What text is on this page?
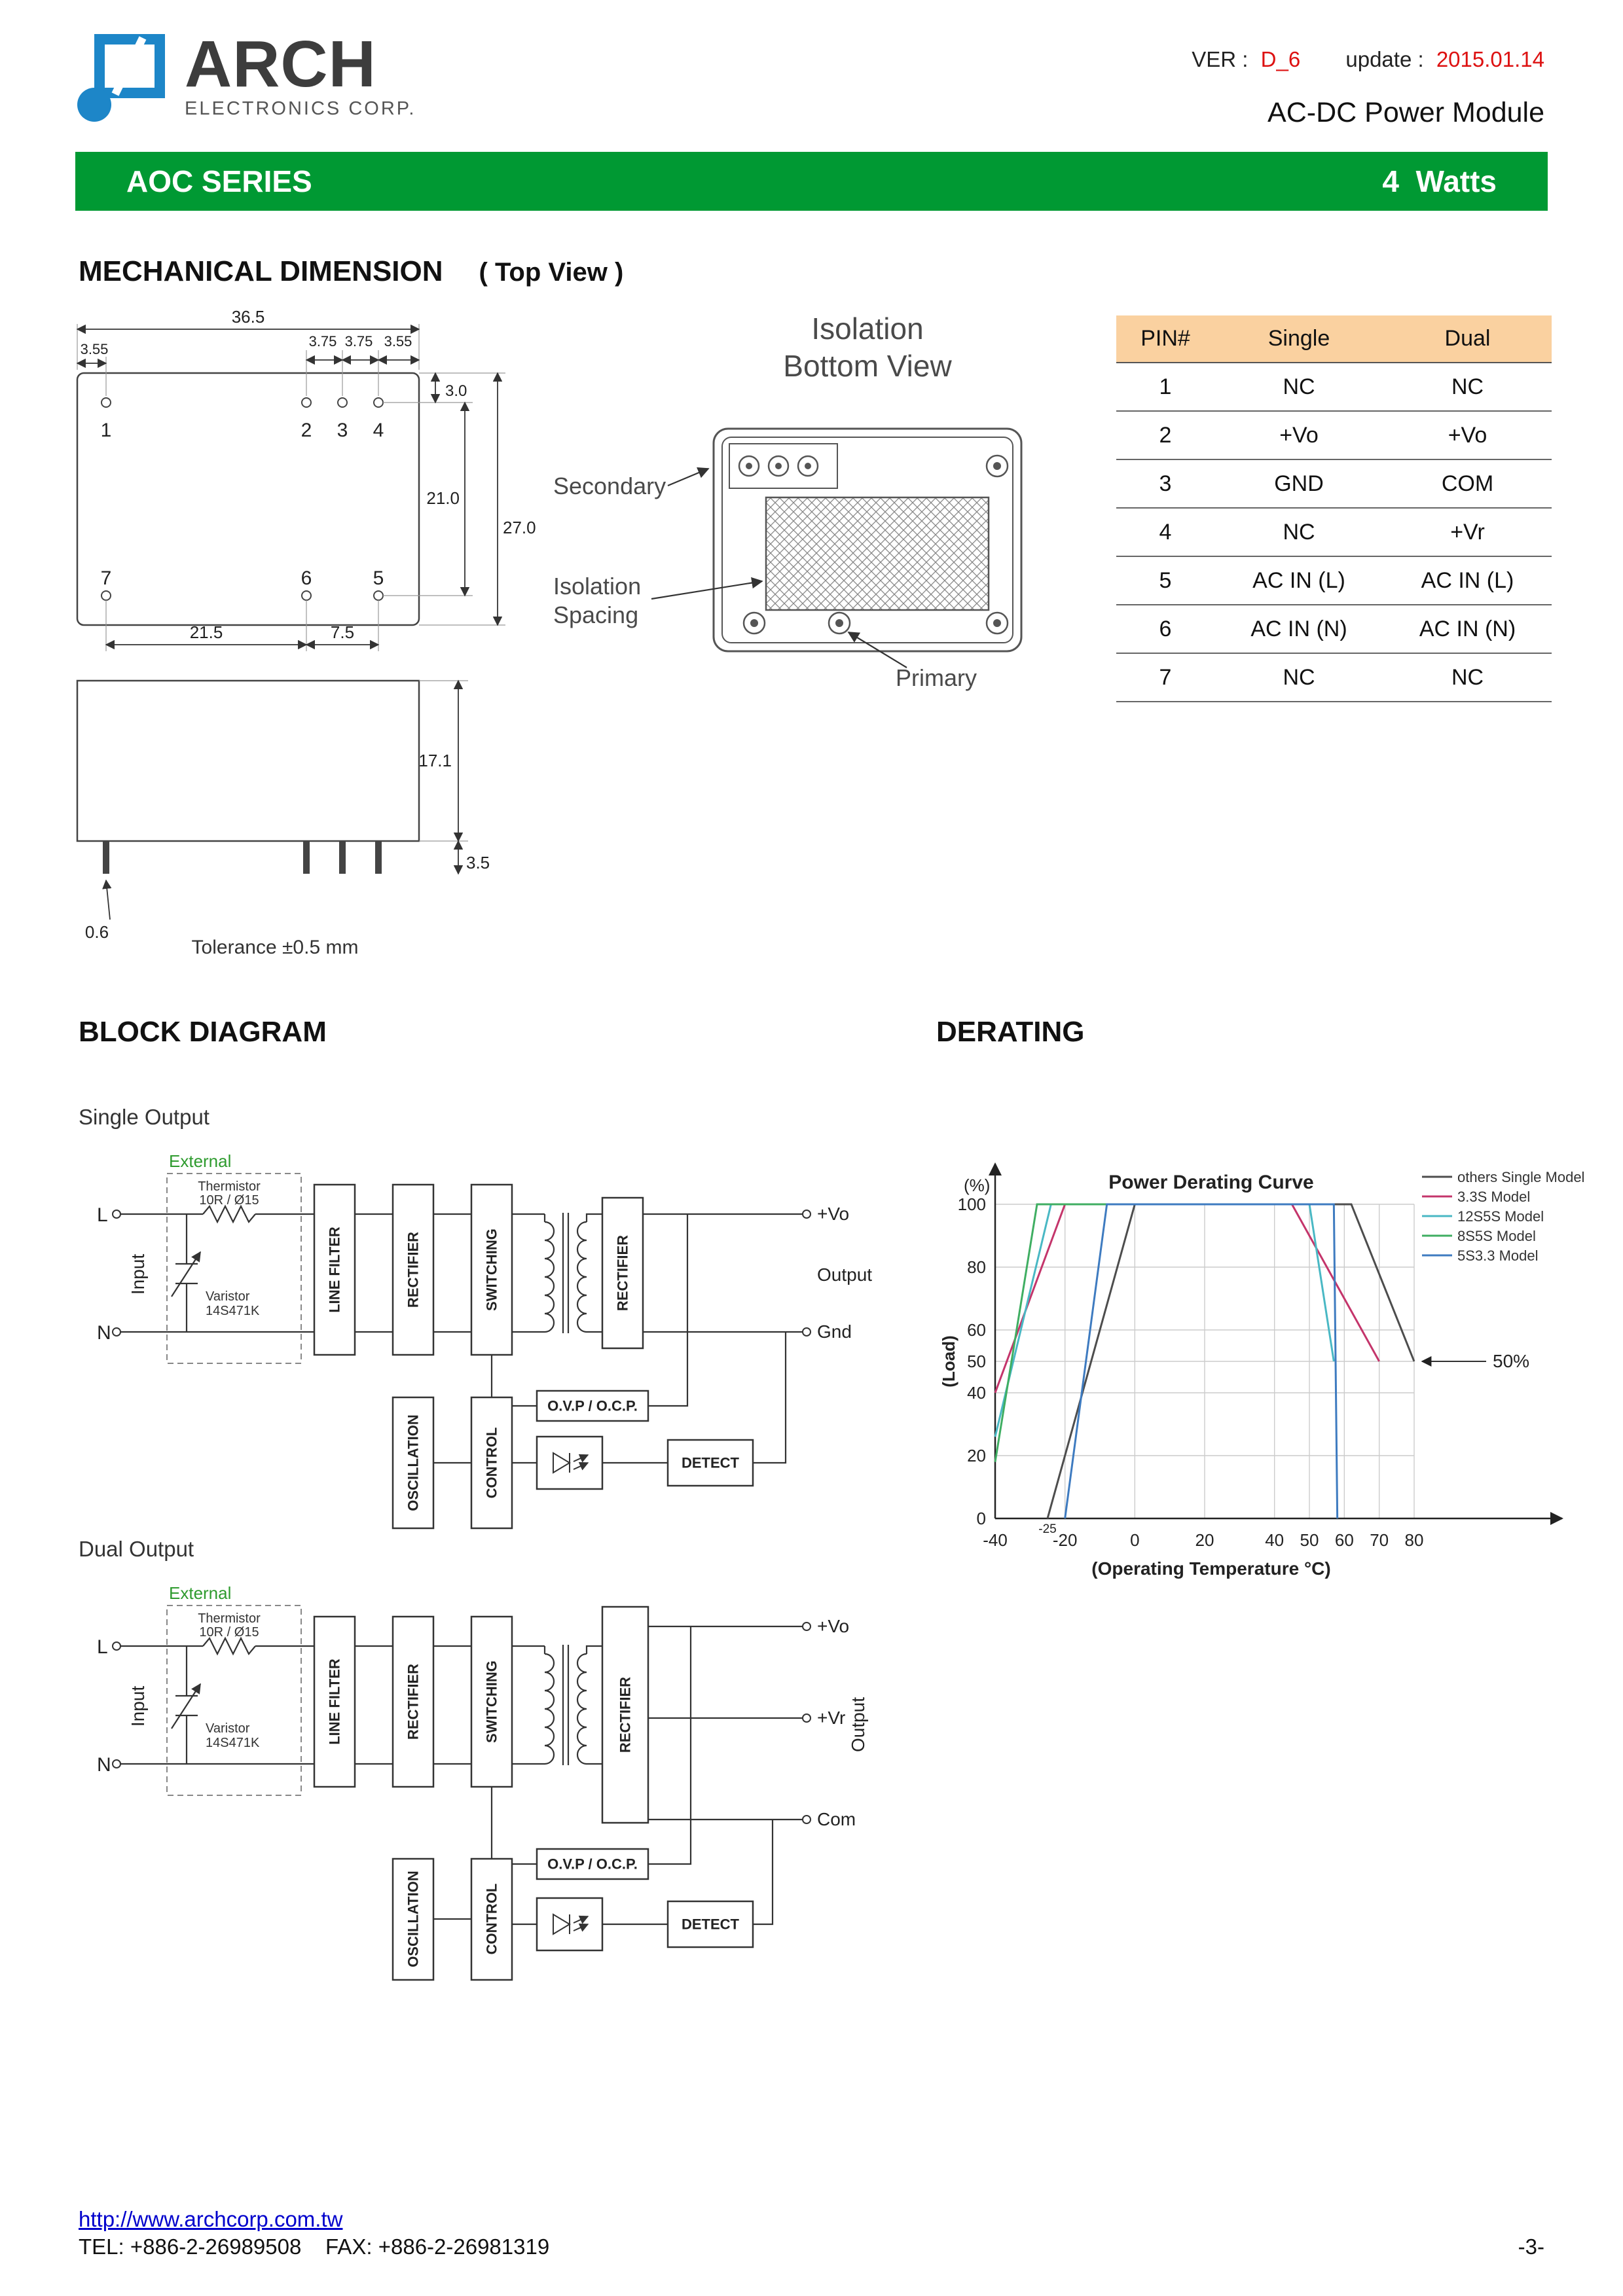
ARCH
ELECTRONICS CORP.
VER : D_6 update : 2015.01.14
AC-DC Power Module
AOC SERIES	4  Watts
MECHANICAL DIMENSION ( Top View )
1	2 3 4
5
6
7
36.5
3.55	3.75 3.75 3.55
3.0
21.0
27.0
21.5	7.5
17.1
3.5
0.6
Tolerance ±0.5 mm
Isolation
Bottom View
Secondary
Isolation
Spacing
Primary
PIN#	Single	Dual
1	NC	NC
2	+Vo	+Vo
3	GND	COM
4	NC	+Vr
5	AC IN (L)	AC IN (L)
6	AC IN (N)	AC IN (N)
7	NC	NC
BLOCK DIAGRAM	DERATING
Single Output
L
N
Input
External
Thermistor
10R / Ø15
Varistor
14S471K	LINE FILTER	RECTIFIER	SWITCHING	RECTIFIER
OSCILLATION	CONTROL
O.V.P / O.C.P.
DETECT
+Vo
Output
Gnd
Dual Output
L
N
Input
External
Thermistor
10R / Ø15
Varistor
14S471K	LINE FILTER	RECTIFIER	SWITCHING	RECTIFIER
OSCILLATION	CONTROL
O.V.P / O.C.P.
DETECT
+Vo
+Vr
Com
Output
Power Derating Curve
(%)
(Load)
(Operating Temperature °C)
-40	-20	0	20	40 50 60 70 80
-25
0
20
40
50
60
80
100
others Single Model
3.3S Model
12S5S Model
8S5S Model
5S3.3 Model
50%
http://www.archcorp.com.tw
TEL: +886-2-26989508    FAX: +886-2-26981319	-3-
